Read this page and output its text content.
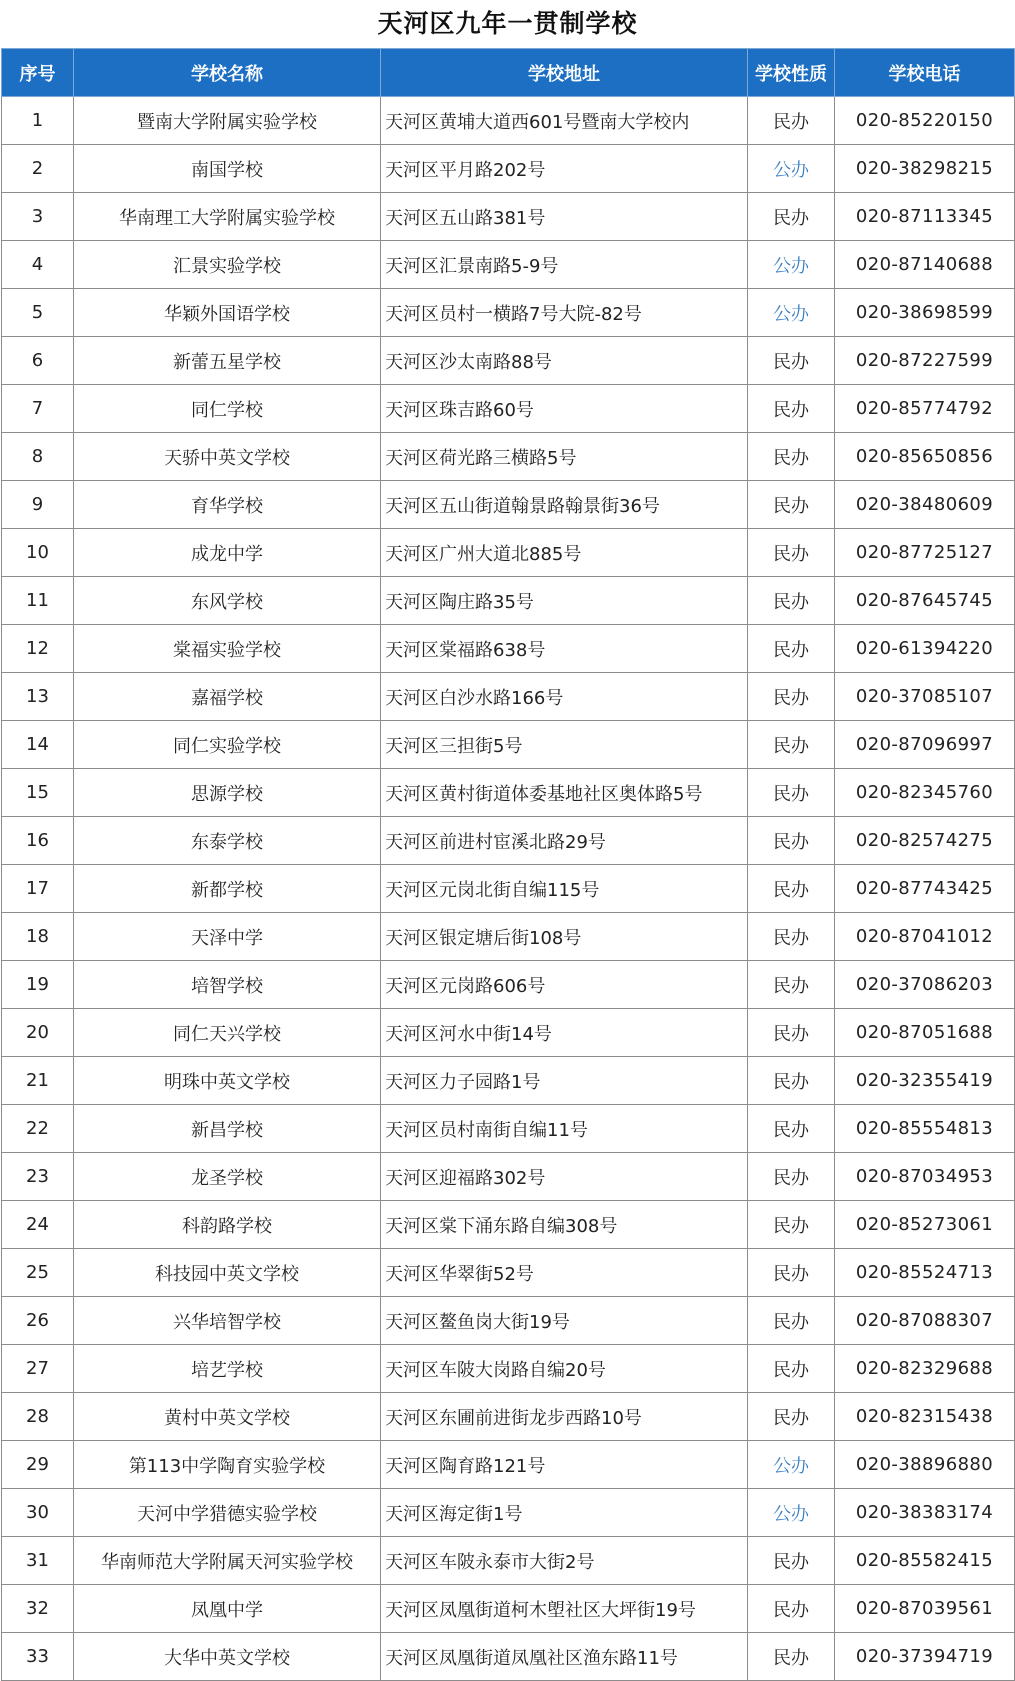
天河区九年一贯制学校
序号	学校名称	学校地址	学校性质	学校电话
1	暨南大学附属实验学校	天河区黄埔大道西601号暨南大学校内	民办	020-85220150
2	南国学校	天河区平月路202号	公办	020-38298215
3	华南理工大学附属实验学校	天河区五山路381号	民办	020-87113345
4	汇景实验学校	天河区汇景南路5-9号	公办	020-87140688
5	华颖外国语学校	天河区员村一横路7号大院-82号	公办	020-38698599
6	新蕾五星学校	天河区沙太南路88号	民办	020-87227599
7	同仁学校	天河区珠吉路60号	民办	020-85774792
8	天骄中英文学校	天河区荷光路三横路5号	民办	020-85650856
9	育华学校	天河区五山街道翰景路翰景街36号	民办	020-38480609
10	成龙中学	天河区广州大道北885号	民办	020-87725127
11	东风学校	天河区陶庄路35号	民办	020-87645745
12	棠福实验学校	天河区棠福路638号	民办	020-61394220
13	嘉福学校	天河区白沙水路166号	民办	020-37085107
14	同仁实验学校	天河区三担街5号	民办	020-87096997
15	思源学校	天河区黄村街道体委基地社区奥体路5号	民办	020-82345760
16	东泰学校	天河区前进村宦溪北路29号	民办	020-82574275
17	新都学校	天河区元岗北街自编115号	民办	020-87743425
18	天泽中学	天河区银定塘后街108号	民办	020-87041012
19	培智学校	天河区元岗路606号	民办	020-37086203
20	同仁天兴学校	天河区河水中街14号	民办	020-87051688
21	明珠中英文学校	天河区力子园路1号	民办	020-32355419
22	新昌学校	天河区员村南街自编11号	民办	020-85554813
23	龙圣学校	天河区迎福路302号	民办	020-87034953
24	科韵路学校	天河区棠下涌东路自编308号	民办	020-85273061
25	科技园中英文学校	天河区华翠街52号	民办	020-85524713
26	兴华培智学校	天河区鳌鱼岗大街19号	民办	020-87088307
27	培艺学校	天河区车陂大岗路自编20号	民办	020-82329688
28	黄村中英文学校	天河区东圃前进街龙步西路10号	民办	020-82315438
29	第113中学陶育实验学校	天河区陶育路121号	公办	020-38896880
30	天河中学猎德实验学校	天河区海定街1号	公办	020-38383174
31	华南师范大学附属天河实验学校	天河区车陂永泰市大街2号	民办	020-85582415
32	凤凰中学	天河区凤凰街道柯木塱社区大坪街19号	民办	020-87039561
33	大华中英文学校	天河区凤凰街道凤凰社区渔东路11号	民办	020-37394719
